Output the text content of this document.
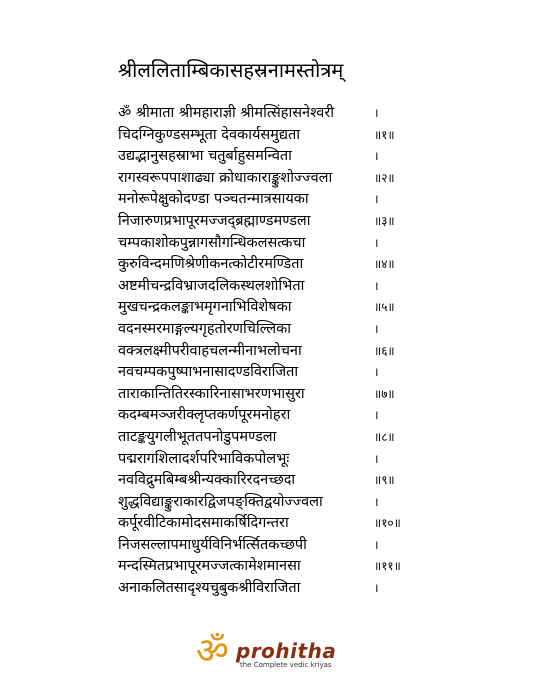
श्रीललिताम्बिकासहस्रनामस्तोत्रम्
ॐ श्रीमाता श्रीमहाराज्ञी श्रीमत्सिंहासनेश्वरी	।
चिदग्निकुण्डसम्भूता देवकार्यसमुद्यता	॥१॥
उद्यद्भानुसहस्राभा चतुर्बाहुसमन्विता	।
रागस्वरूपपाशाढ्या क्रोधाकाराङ्कुशोज्ज्वला	॥२॥
मनोरूपेक्षुकोदण्डा पञ्चतन्मात्रसायका	।
निजारुणप्रभापूरमज्जद्ब्रह्माण्डमण्डला	॥३॥
चम्पकाशोकपुन्नागसौगन्धिकलसत्कचा	।
कुरुविन्दमणिश्रेणीकनत्कोटीरमण्डिता	॥४॥
अष्टमीचन्द्रविभ्राजदलिकस्थलशोभिता	।
मुखचन्द्रकलङ्काभमृगनाभिविशेषका	॥५॥
वदनस्मरमाङ्गल्यगृहतोरणचिल्लिका	।
वक्त्रलक्ष्मीपरीवाहचलन्मीनाभलोचना	॥६॥
नवचम्पकपुष्पाभनासादण्डविराजिता	।
ताराकान्तितिरस्कारिनासाभरणभासुरा	॥७॥
कदम्बमञ्जरीक्लृप्तकर्णपूरमनोहरा	।
ताटङ्कयुगलीभूततपनोडुपमण्डला	॥८॥
पद्मरागशिलादर्शपरिभाविकपोलभूः	।
नवविद्रुमबिम्बश्रीन्यक्कारिरदनच्छदा	॥९॥
शुद्धविद्याङ्कुराकारद्विजपङ्क्तिद्वयोज्ज्वला	।
कर्पूरवीटिकामोदसमाकर्षिदिगन्तरा	॥१०॥
निजसल्लापमाधुर्यविनिर्भर्त्सितकच्छपी	।
मन्दस्मितप्रभापूरमज्जत्कामेशमानसा	॥११॥
अनाकलितसादृश्यचुबुकश्रीविराजिता	।
ॐ prohitha
the Complete vedic kriyas
